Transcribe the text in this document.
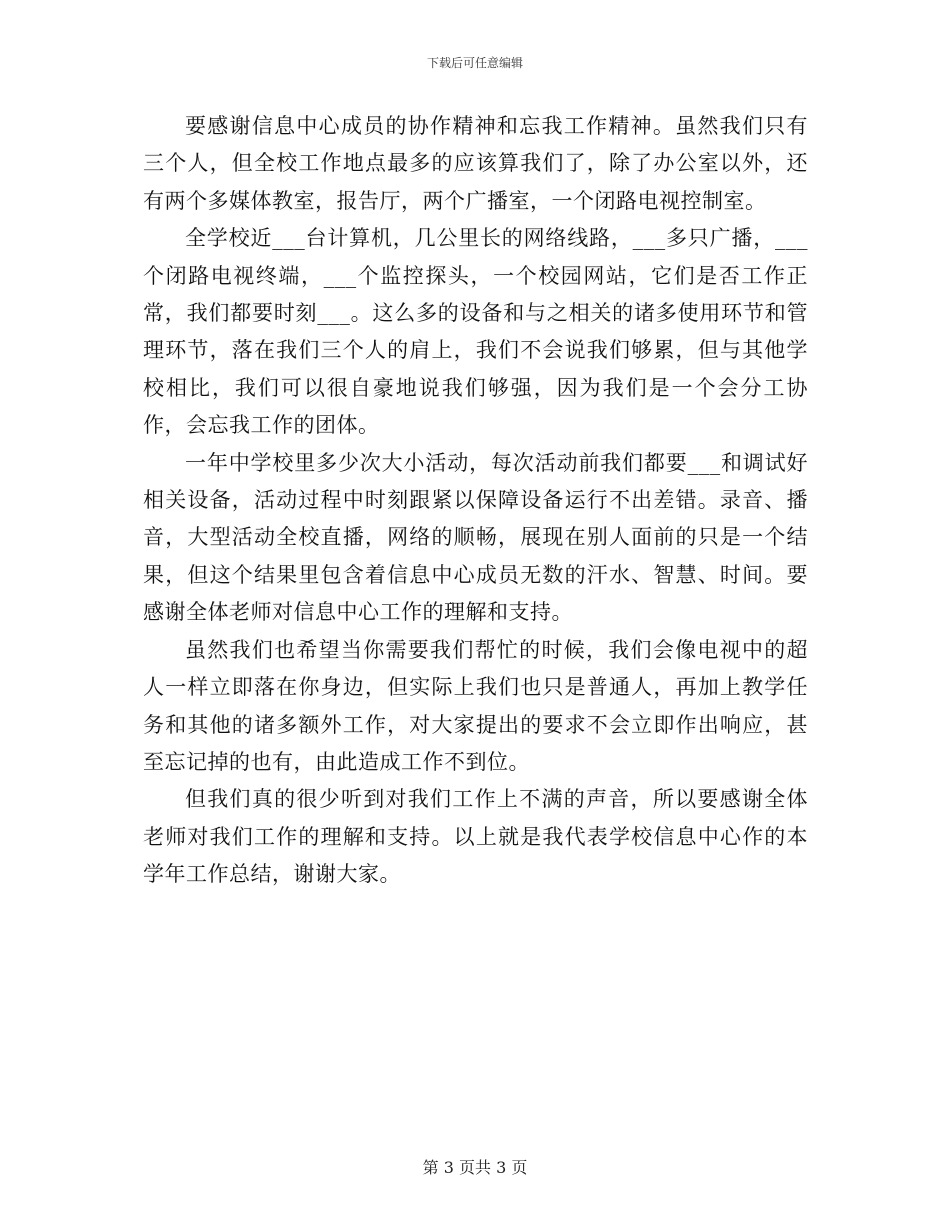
下载后可任意编辑

要感谢信息中心成员的协作精神和忘我工作精神。虽然我们只有三个人，但全校工作地点最多的应该算我们了，除了办公室以外，还有两个多媒体教室，报告厅，两个广播室，一个闭路电视控制室。

全学校近___台计算机，几公里长的网络线路，___多只广播，___个闭路电视终端，___个监控探头，一个校园网站，它们是否工作正常，我们都要时刻___。这么多的设备和与之相关的诸多使用环节和管理环节，落在我们三个人的肩上，我们不会说我们够累，但与其他学校相比，我们可以很自豪地说我们够强，因为我们是一个会分工协作，会忘我工作的团体。

一年中学校里多少次大小活动，每次活动前我们都要___和调试好相关设备，活动过程中时刻跟紧以保障设备运行不出差错。录音、播音，大型活动全校直播，网络的顺畅，展现在别人面前的只是一个结果，但这个结果里包含着信息中心成员无数的汗水、智慧、时间。要感谢全体老师对信息中心工作的理解和支持。

虽然我们也希望当你需要我们帮忙的时候，我们会像电视中的超人一样立即落在你身边，但实际上我们也只是普通人，再加上教学任务和其他的诸多额外工作，对大家提出的要求不会立即作出响应，甚至忘记掉的也有，由此造成工作不到位。

但我们真的很少听到对我们工作上不满的声音，所以要感谢全体老师对我们工作的理解和支持。以上就是我代表学校信息中心作的本学年工作总结，谢谢大家。

第 3 页共 3 页
